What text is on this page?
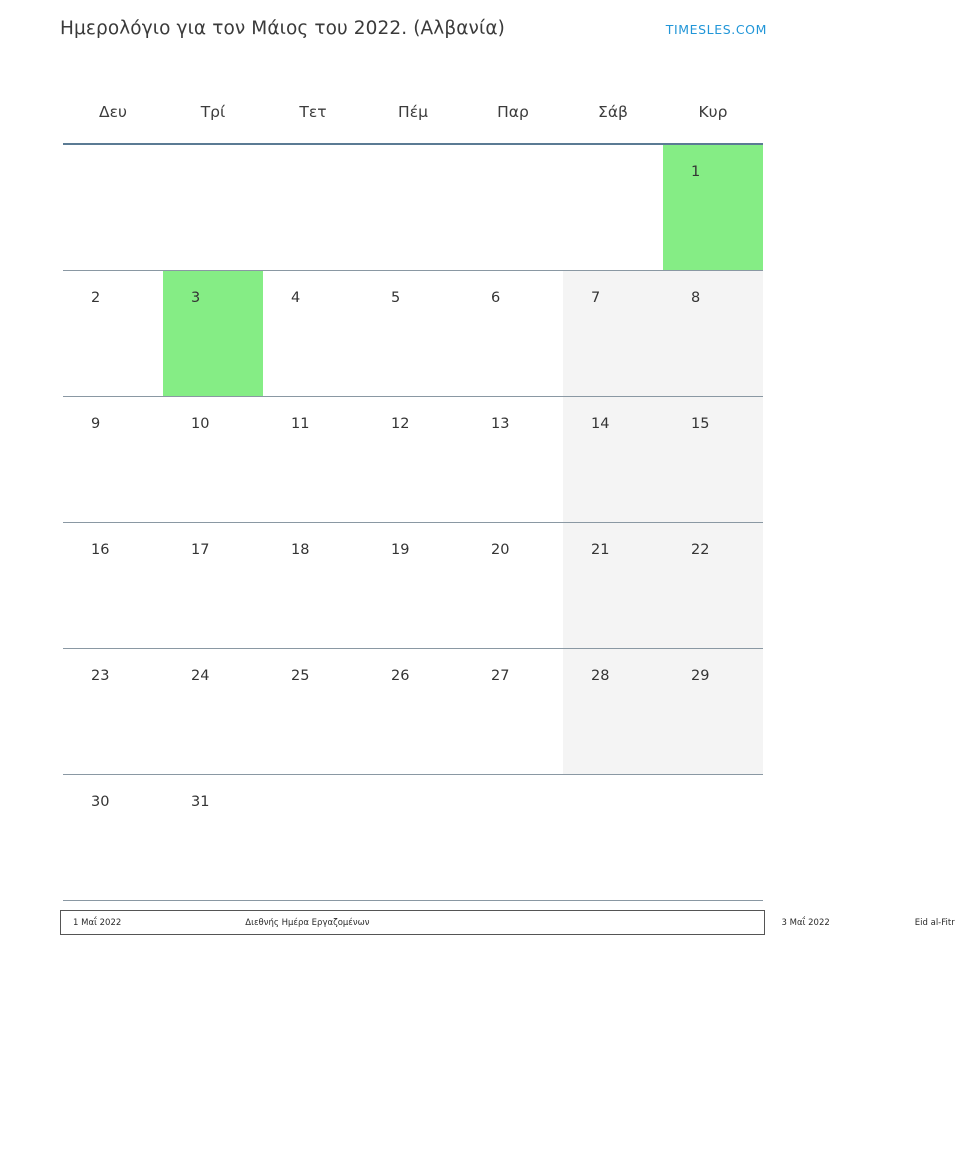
Ημερολόγιο για τον Μάιος του 2022. (Αλβανία)	TIMESLES.COM
Δευ	Τρί	Τετ	Πέμ	Παρ	Σάβ	Κυρ

						1

2	3	4	5	6	7	8

9	10	11	12	13	14	15

16	17	18	19	20	21	22

23	24	25	26	27	28	29

30	31					

1 Μαΐ 2022	Διεθνής Ημέρα Εργαζομένων	3 Μαΐ 2022	Eid al-Fitr
